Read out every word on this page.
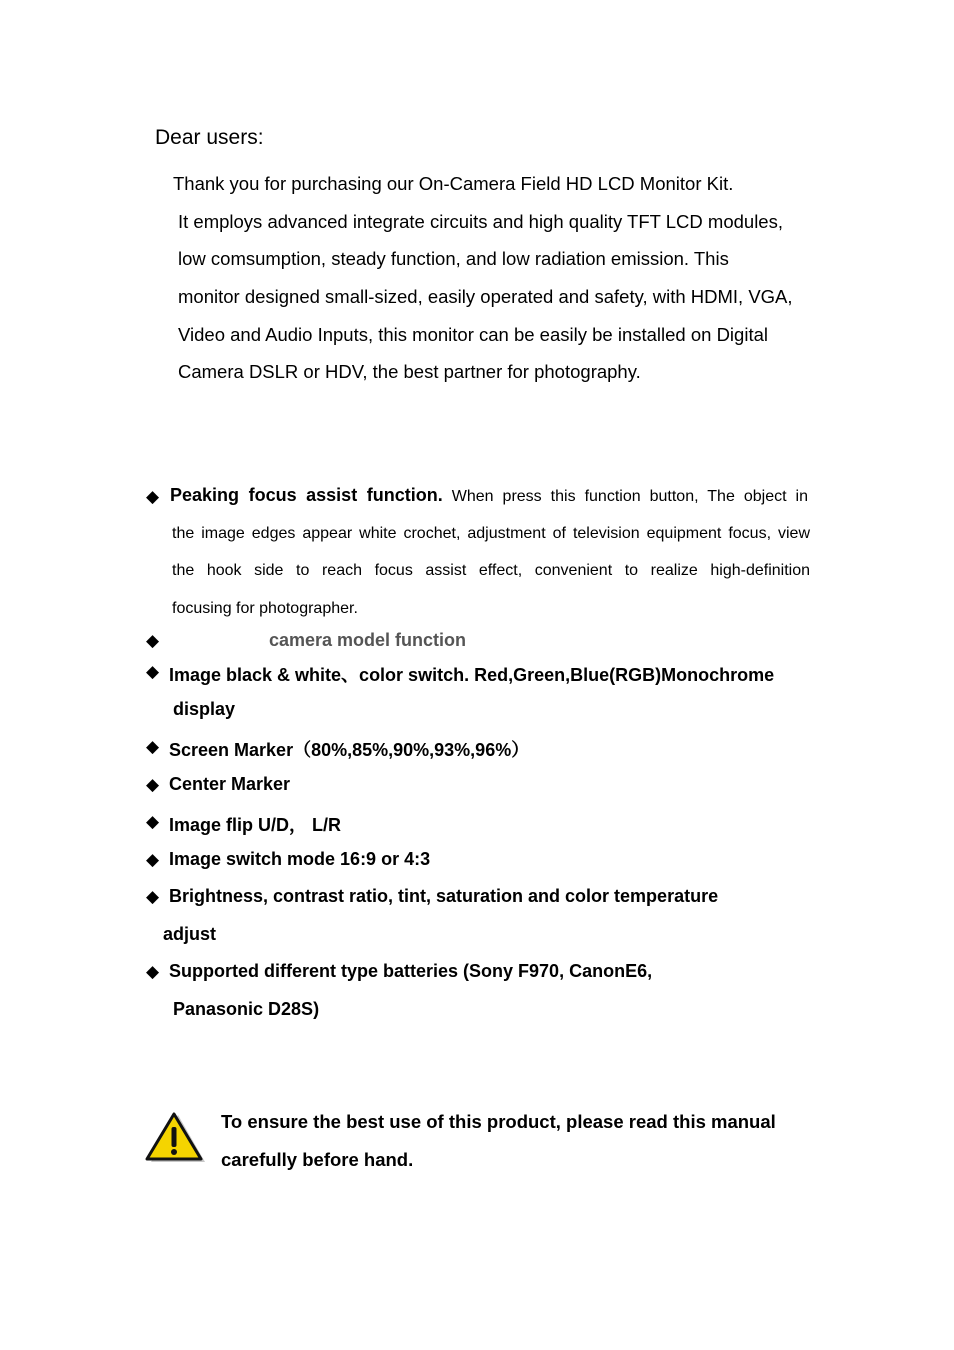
Dear users:
Thank you for purchasing our On-Camera Field HD LCD Monitor Kit.
It employs advanced integrate circuits and high quality TFT LCD modules,
low comsumption, steady function, and low radiation emission. This
monitor designed small-sized, easily operated and safety, with HDMI, VGA,
Video and Audio Inputs, this monitor can be easily be installed on Digital
Camera DSLR or HDV, the best partner for photography.
◆ Peaking focus assist function. When press this function button, The object in
the image edges appear white crochet, adjustment of television equipment focus, view
the hook side to reach focus assist effect, convenient to realize high-definition
focusing for photographer.
◆	camera model function
◆ Image black & white、color switch. Red,Green,Blue(RGB)Monochrome
display
◆ Screen Marker（80%,85%,90%,93%,96%）
◆ Center Marker
◆ Image flip U/D， L/R
◆ Image switch mode 16:9 or 4:3
◆ Brightness, contrast ratio, tint, saturation and color temperature
adjust
◆ Supported different type batteries (Sony F970, CanonE6,
Panasonic D28S)
To ensure the best use of this product, please read this manual
carefully before hand.
